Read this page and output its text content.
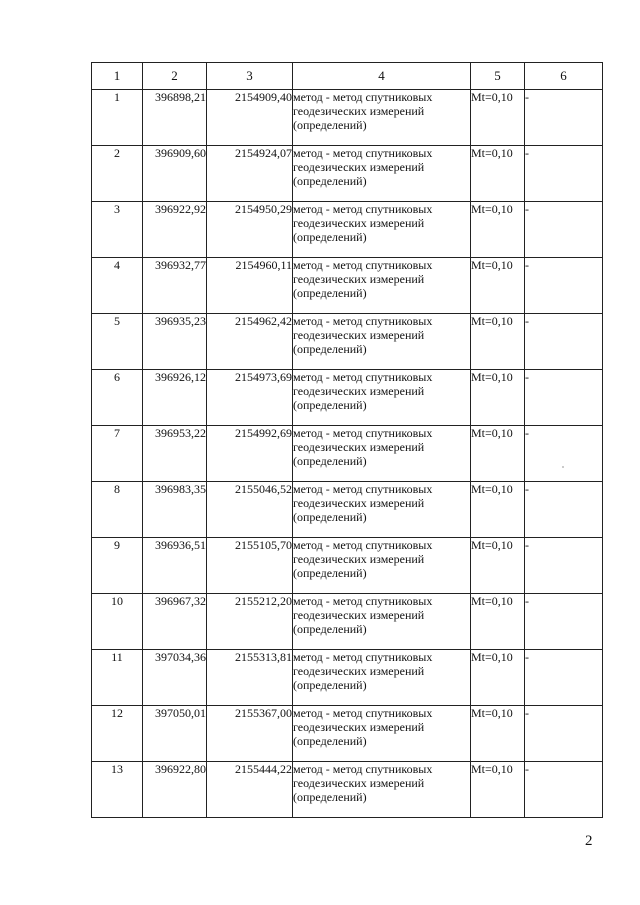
1	2	3	4	5	6
1	396898,21	2154909,40	метод - метод спутниковых геодезических измерений (определений)	Mt=0,10	-
2	396909,60	2154924,07	метод - метод спутниковых геодезических измерений (определений)	Mt=0,10	-
3	396922,92	2154950,29	метод - метод спутниковых геодезических измерений (определений)	Mt=0,10	-
4	396932,77	2154960,11	метод - метод спутниковых геодезических измерений (определений)	Mt=0,10	-
5	396935,23	2154962,42	метод - метод спутниковых геодезических измерений (определений)	Mt=0,10	-
6	396926,12	2154973,69	метод - метод спутниковых геодезических измерений (определений)	Mt=0,10	-
7	396953,22	2154992,69	метод - метод спутниковых геодезических измерений (определений)	Mt=0,10	-
8	396983,35	2155046,52	метод - метод спутниковых геодезических измерений (определений)	Mt=0,10	-
9	396936,51	2155105,70	метод - метод спутниковых геодезических измерений (определений)	Mt=0,10	-
10	396967,32	2155212,20	метод - метод спутниковых геодезических измерений (определений)	Mt=0,10	-
11	397034,36	2155313,81	метод - метод спутниковых геодезических измерений (определений)	Mt=0,10	-
12	397050,01	2155367,00	метод - метод спутниковых геодезических измерений (определений)	Mt=0,10	-
13	396922,80	2155444,22	метод - метод спутниковых геодезических измерений (определений)	Mt=0,10	-
2
